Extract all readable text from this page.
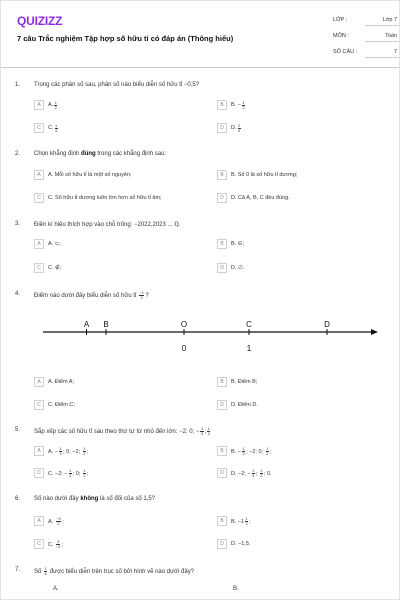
QUIZIZZ
7 câu Trắc nghiệm Tập hợp số hữu tỉ có đáp án (Thông hiểu)
LỚP :	Lớp 7
MÔN :	Toán
SỐ CÂU :	7
1. Trong các phân số sau, phân số nào biểu diễn số hữu tỉ −0,5?
A	A. $\frac{1}{2}$	B	B. − $\frac{1}{2}$
C	C. $\frac{1}{4}$	D	D. $\frac{2}{4}$
2. Chọn khẳng định đúng trong các khẳng định sau:
A	A. Mỗi số hữu tỉ là một số nguyên;	B	B. Số 0 là số hữu tỉ dương;
C	C. Số hữu tỉ dương luôn lớn hơn số hữu tỉ âm;	D	D. Cả A, B, C đều đúng.
3. Điền kí hiệu thích hợp vào chỗ trống: −2022,2023 ... ℚ.
A	A. ⊂;	B	B. ∈;
C	C. ∉;	D	D. ∅.
4. Điểm nào dưới đây biểu diễn số hữu tỉ $\frac{-1}{2}$ ?
A B	O	C	D
0	1
A	A. Điểm A;	B	B. Điểm B;
C	C. Điểm C;	D	D. Điểm D.
5. Sắp xếp các số hữu tỉ sau theo thứ tự từ nhỏ đến lớn: −2; 0; − $\frac{1}{3}$ ; $\frac{1}{2}$
A	A. − $\frac{1}{3}$ ; 0; −2; $\frac{1}{2}$ ;	B	B. − $\frac{1}{3}$ ; −2; 0; $\frac{1}{2}$ ;
C	C. −2; − $\frac{1}{3}$ ; 0; $\frac{1}{2}$ ;	D	D. −2; − $\frac{1}{3}$ ; $\frac{1}{2}$ ; 0.
6. Số nào dưới đây không là số đối của số 1,5?
A	A. $\frac{-3}{2}$ ;	B	B. $-1 \frac{1}{2}$ ;
C	C. $\frac{3}{-2}$ ;	D	D. −1,5.
7. Số $\frac{1}{4}$ được biểu diễn trên trục số bởi hình vẽ nào dưới đây?
A.	B.
